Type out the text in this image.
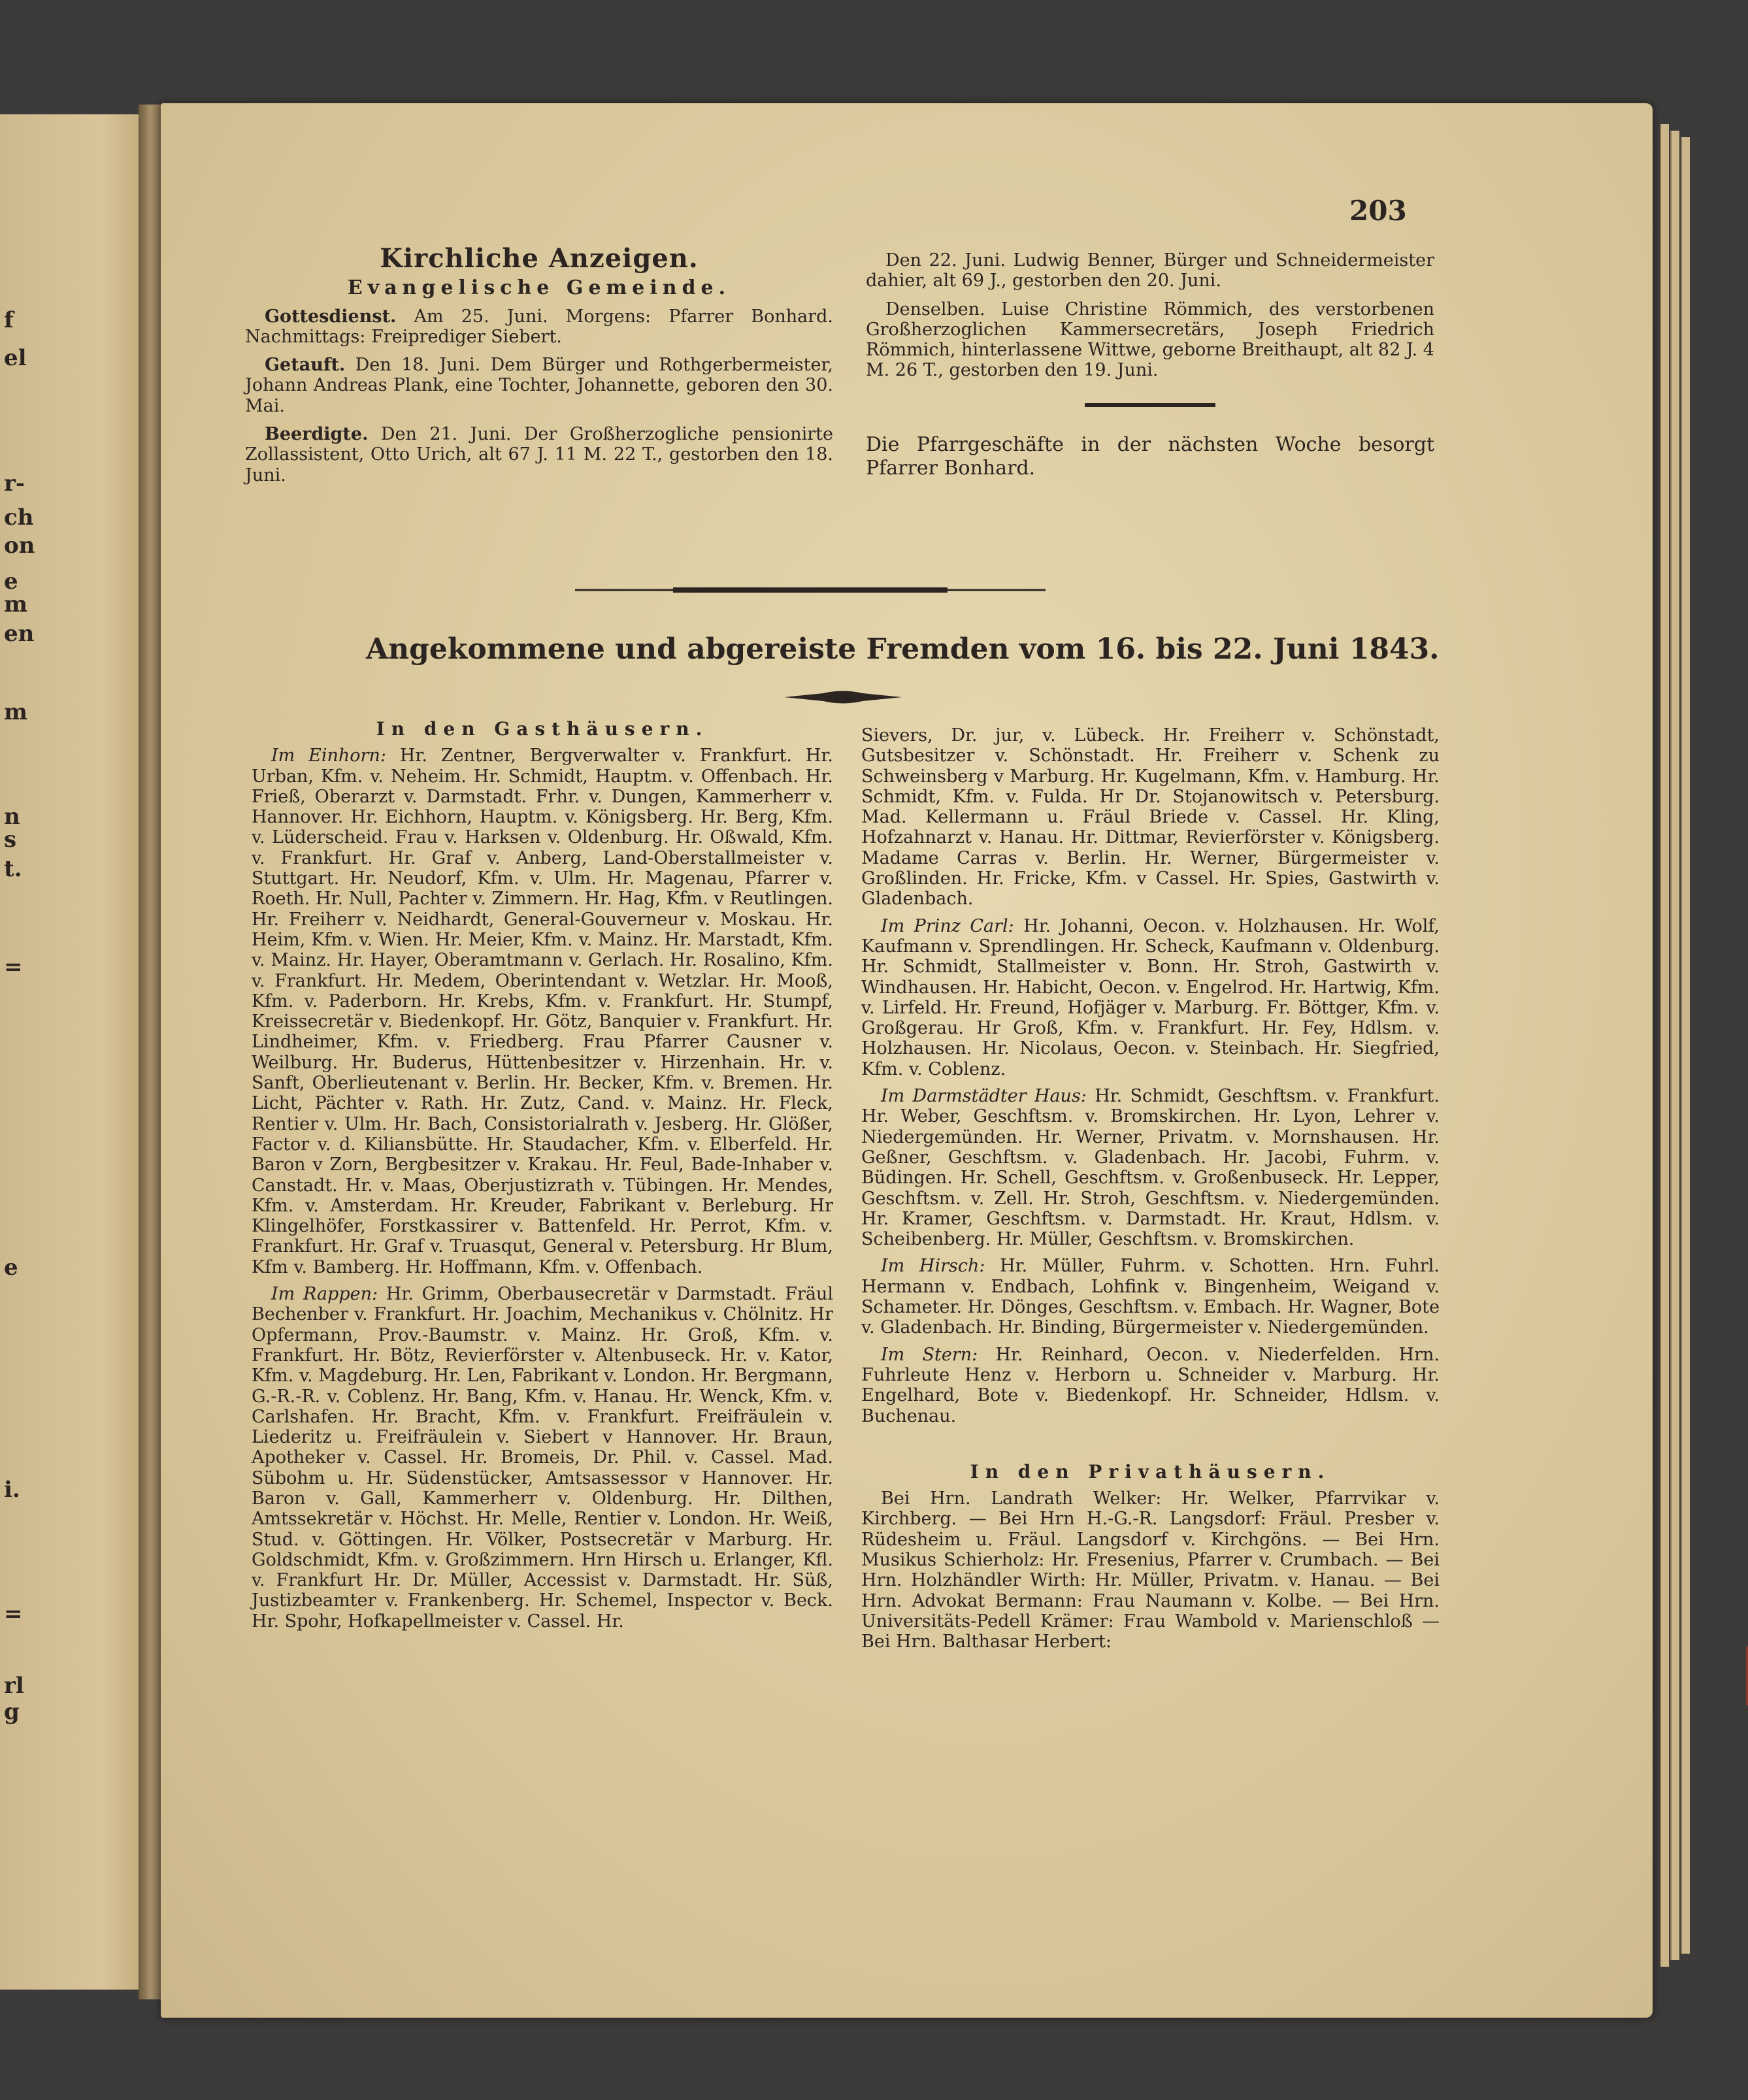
f
el
r-
ch
on
e
m
en
m
n
s
t.
=
e
i.
=
rl
g
203

Kirchliche Anzeigen.

Evangelische Gemeinde.

Gottesdienst. Am 25. Juni. Morgens: Pfarrer Bonhard. Nachmittags: Freiprediger Siebert.

Getauft. Den 18. Juni. Dem Bürger und Rothgerbermeister, Johann Andreas Plank, eine Tochter, Johannette, geboren den 30. Mai.

Beerdigte. Den 21. Juni. Der Großherzogliche pensionirte Zollassistent, Otto Urich, alt 67 J. 11 M. 22 T., gestorben den 18. Juni.

Den 22. Juni. Ludwig Benner, Bürger und Schneidermeister dahier, alt 69 J., gestorben den 20. Juni.

Denselben. Luise Christine Römmich, des verstorbenen Großherzoglichen Kammersecretärs, Joseph Friedrich Römmich, hinterlassene Wittwe, geborne Breithaupt, alt 82 J. 4 M. 26 T., gestorben den 19. Juni.

Die Pfarrgeschäfte in der nächsten Woche besorgt Pfarrer Bonhard.

Angekommene und abgereiste Fremden vom 16. bis 22. Juni 1843.

In den Gasthäusern.

Im Einhorn: Hr. Zentner, Bergverwalter v. Frankfurt. Hr. Urban, Kfm. v. Neheim. Hr. Schmidt, Hauptm. v. Offenbach. Hr. Frieß, Oberarzt v. Darmstadt. Frhr. v. Dungen, Kammerherr v. Hannover. Hr. Eichhorn, Hauptm. v. Königsberg. Hr. Berg, Kfm. v. Lüderscheid. Frau v. Harksen v. Oldenburg. Hr. Oßwald, Kfm. v. Frankfurt. Hr. Graf v. Anberg, Land-Oberstallmeister v. Stuttgart. Hr. Neudorf, Kfm. v. Ulm. Hr. Magenau, Pfarrer v. Roeth. Hr. Null, Pachter v. Zimmern. Hr. Hag, Kfm. v Reutlingen. Hr. Freiherr v. Neidhardt, General-Gouverneur v. Moskau. Hr. Heim, Kfm. v. Wien. Hr. Meier, Kfm. v. Mainz. Hr. Marstadt, Kfm. v. Mainz. Hr. Hayer, Oberamtmann v. Gerlach. Hr. Rosalino, Kfm. v. Frankfurt. Hr. Medem, Oberintendant v. Wetzlar. Hr. Mooß, Kfm. v. Paderborn. Hr. Krebs, Kfm. v. Frankfurt. Hr. Stumpf, Kreissecretär v. Biedenkopf. Hr. Götz, Banquier v. Frankfurt. Hr. Lindheimer, Kfm. v. Friedberg. Frau Pfarrer Causner v. Weilburg. Hr. Buderus, Hüttenbesitzer v. Hirzenhain. Hr. v. Sanft, Oberlieutenant v. Berlin. Hr. Becker, Kfm. v. Bremen. Hr. Licht, Pächter v. Rath. Hr. Zutz, Cand. v. Mainz. Hr. Fleck, Rentier v. Ulm. Hr. Bach, Consistorialrath v. Jesberg. Hr. Glößer, Factor v. d. Kiliansbütte. Hr. Staudacher, Kfm. v. Elberfeld. Hr. Baron v Zorn, Bergbesitzer v. Krakau. Hr. Feul, Bade-Inhaber v. Canstadt. Hr. v. Maas, Oberjustizrath v. Tübingen. Hr. Mendes, Kfm. v. Amsterdam. Hr. Kreuder, Fabrikant v. Berleburg. Hr Klingelhöfer, Forstkassirer v. Battenfeld. Hr. Perrot, Kfm. v. Frankfurt. Hr. Graf v. Truasqut, General v. Petersburg. Hr Blum, Kfm v. Bamberg. Hr. Hoffmann, Kfm. v. Offenbach.

Im Rappen: Hr. Grimm, Oberbausecretär v Darmstadt. Fräul Bechenber v. Frankfurt. Hr. Joachim, Mechanikus v. Chölnitz. Hr Opfermann, Prov.-Baumstr. v. Mainz. Hr. Groß, Kfm. v. Frankfurt. Hr. Bötz, Revierförster v. Altenbuseck. Hr. v. Kator, Kfm. v. Magdeburg. Hr. Len, Fabrikant v. London. Hr. Bergmann, G.-R.-R. v. Coblenz. Hr. Bang, Kfm. v. Hanau. Hr. Wenck, Kfm. v. Carlshafen. Hr. Bracht, Kfm. v. Frankfurt. Freifräulein v. Liederitz u. Freifräulein v. Siebert v Hannover. Hr. Braun, Apotheker v. Cassel. Hr. Bromeis, Dr. Phil. v. Cassel. Mad. Sübohm u. Hr. Südenstücker, Amtsassessor v Hannover. Hr. Baron v. Gall, Kammerherr v. Oldenburg. Hr. Dilthen, Amtssekretär v. Höchst. Hr. Melle, Rentier v. London. Hr. Weiß, Stud. v. Göttingen. Hr. Völker, Postsecretär v Marburg. Hr. Goldschmidt, Kfm. v. Großzimmern. Hrn Hirsch u. Erlanger, Kfl. v. Frankfurt Hr. Dr. Müller, Accessist v. Darmstadt. Hr. Süß, Justizbeamter v. Frankenberg. Hr. Schemel, Inspector v. Beck. Hr. Spohr, Hofkapellmeister v. Cassel. Hr.

Sievers, Dr. jur, v. Lübeck. Hr. Freiherr v. Schönstadt, Gutsbesitzer v. Schönstadt. Hr. Freiherr v. Schenk zu Schweinsberg v Marburg. Hr. Kugelmann, Kfm. v. Hamburg. Hr. Schmidt, Kfm. v. Fulda. Hr Dr. Stojanowitsch v. Petersburg. Mad. Kellermann u. Fräul Briede v. Cassel. Hr. Kling, Hofzahnarzt v. Hanau. Hr. Dittmar, Revierförster v. Königsberg. Madame Carras v. Berlin. Hr. Werner, Bürgermeister v. Großlinden. Hr. Fricke, Kfm. v Cassel. Hr. Spies, Gastwirth v. Gladenbach.

Im Prinz Carl: Hr. Johanni, Oecon. v. Holzhausen. Hr. Wolf, Kaufmann v. Sprendlingen. Hr. Scheck, Kaufmann v. Oldenburg. Hr. Schmidt, Stallmeister v. Bonn. Hr. Stroh, Gastwirth v. Windhausen. Hr. Habicht, Oecon. v. Engelrod. Hr. Hartwig, Kfm. v. Lirfeld. Hr. Freund, Hofjäger v. Marburg. Fr. Böttger, Kfm. v. Großgerau. Hr Groß, Kfm. v. Frankfurt. Hr. Fey, Hdlsm. v. Holzhausen. Hr. Nicolaus, Oecon. v. Steinbach. Hr. Siegfried, Kfm. v. Coblenz.

Im Darmstädter Haus: Hr. Schmidt, Geschftsm. v. Frankfurt. Hr. Weber, Geschftsm. v. Bromskirchen. Hr. Lyon, Lehrer v. Niedergemünden. Hr. Werner, Privatm. v. Mornshausen. Hr. Geßner, Geschftsm. v. Gladenbach. Hr. Jacobi, Fuhrm. v. Büdingen. Hr. Schell, Geschftsm. v. Großenbuseck. Hr. Lepper, Geschftsm. v. Zell. Hr. Stroh, Geschftsm. v. Niedergemünden. Hr. Kramer, Geschftsm. v. Darmstadt. Hr. Kraut, Hdlsm. v. Scheibenberg. Hr. Müller, Geschftsm. v. Bromskirchen.

Im Hirsch: Hr. Müller, Fuhrm. v. Schotten. Hrn. Fuhrl. Hermann v. Endbach, Lohfink v. Bingenheim, Weigand v. Schameter. Hr. Dönges, Geschftsm. v. Embach. Hr. Wagner, Bote v. Gladenbach. Hr. Binding, Bürgermeister v. Niedergemünden.

Im Stern: Hr. Reinhard, Oecon. v. Niederfelden. Hrn. Fuhrleute Henz v. Herborn u. Schneider v. Marburg. Hr. Engelhard, Bote v. Biedenkopf. Hr. Schneider, Hdlsm. v. Buchenau.

In den Privathäusern.

Bei Hrn. Landrath Welker: Hr. Welker, Pfarrvikar v. Kirchberg. — Bei Hrn H.-G.-R. Langsdorf: Fräul. Presber v. Rüdesheim u. Fräul. Langsdorf v. Kirchgöns. — Bei Hrn. Musikus Schierholz: Hr. Fresenius, Pfarrer v. Crumbach. — Bei Hrn. Holzhändler Wirth: Hr. Müller, Privatm. v. Hanau. — Bei Hrn. Advokat Bermann: Frau Naumann v. Kolbe. — Bei Hrn. Universitäts-Pedell Krämer: Frau Wambold v. Marienschloß — Bei Hrn. Balthasar Herbert:
